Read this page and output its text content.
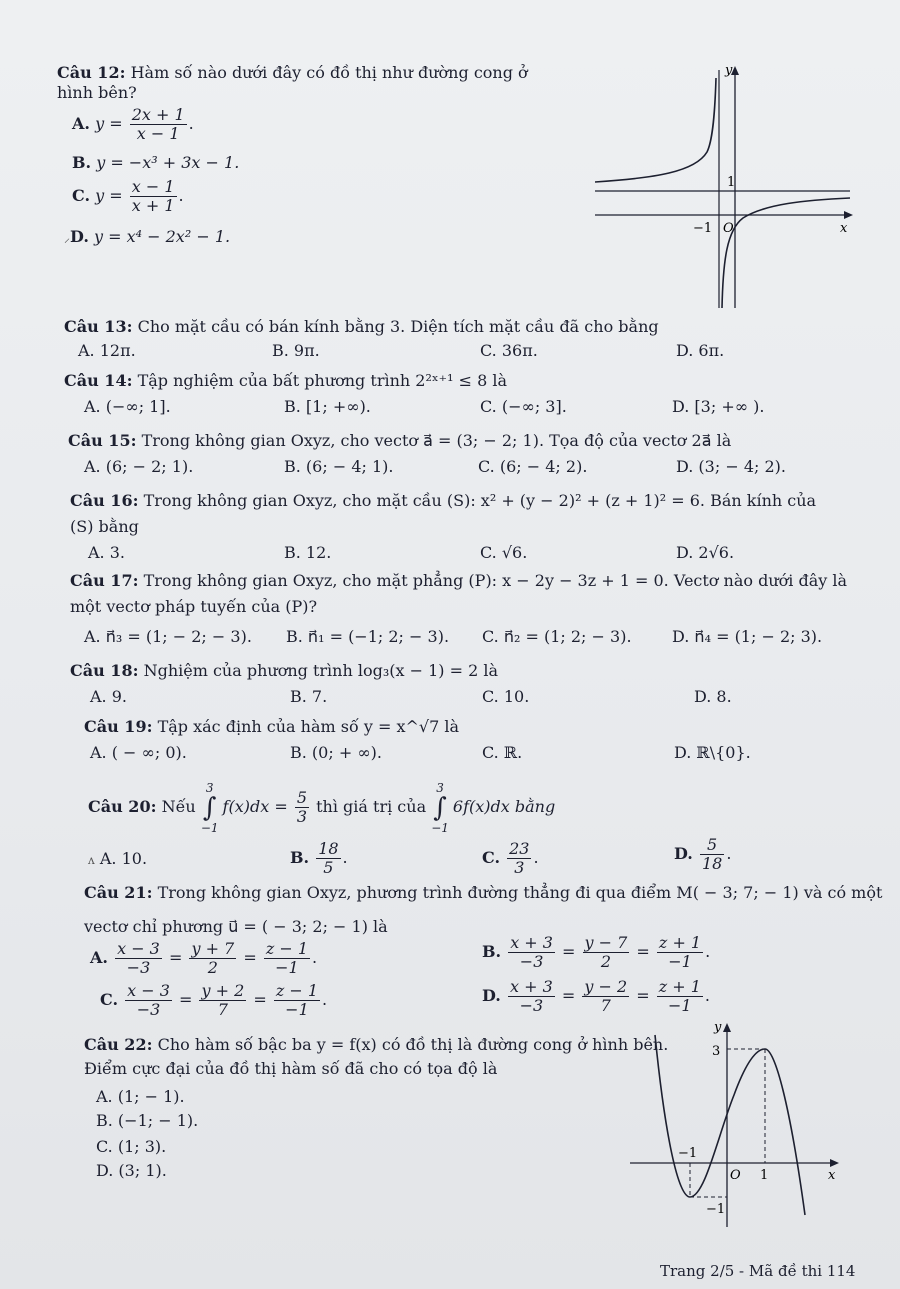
Câu 12: Hàm số nào dưới đây có đồ thị như đường cong ở
hình bên?
A. $y = \frac{2x + 1}{x - 1}$ .
B. y = −x³ + 3x − 1.
C. $y = \frac{x - 1}{x + 1}$ .
⸝D. y = x⁴ − 2x² − 1.
y
x
1
−1 O
Câu 13: Cho mặt cầu có bán kính bằng 3. Diện tích mặt cầu đã cho bằng
A. 12π.	B. 9π.	C. 36π.	D. 6π.
Câu 14: Tập nghiệm của bất phương trình 2²ˣ⁺¹ ≤ 8 là
A. (−∞; 1].	B. [1; +∞).	C. (−∞; 3].	D. [3; +∞ ).
Câu 15: Trong không gian Oxyz, cho vectơ a⃗ = (3; − 2; 1). Tọa độ của vectơ 2a⃗ là
A. (6; − 2; 1).	B. (6; − 4; 1).	C. (6; − 4; 2).	D. (3; − 4; 2).
Câu 16: Trong không gian Oxyz, cho mặt cầu (S): x² + (y − 2)² + (z + 1)² = 6. Bán kính của
(S) bằng
A. 3.	B. 12.	C. √6.	D. 2√6.
Câu 17: Trong không gian Oxyz, cho mặt phẳng (P): x − 2y − 3z + 1 = 0. Vectơ nào dưới đây là
một vectơ pháp tuyến của (P)?
A. n⃗₃ = (1; − 2; − 3). B. n⃗₁ = (−1; 2; − 3). C. n⃗₂ = (1; 2; − 3).	D. n⃗₄ = (1; − 2; 3).
Câu 18: Nghiệm của phương trình log₃(x − 1) = 2 là
A. 9.	B. 7.	C. 10.	D. 8.
Câu 19: Tập xác định của hàm số y = x^√7 là
A. ( − ∞; 0).	B. (0; + ∞).	C. ℝ.	D. ℝ\{0}.
Câu 20: Nếu 3
∫
$-1f(x)dx = \frac{5}{3}$ thì giá trị của 3
∫
−16f(x)dx bằng
ʌ A. 10.	B. $\frac{18}{5}$ .	C. $\frac{23}{3}$ .	D. $\frac{5}{18}$ .
Câu 21: Trong không gian Oxyz, phương trình đường thẳng đi qua điểm M( − 3; 7; − 1) và có một
vectơ chỉ phương u⃗ = ( − 3; 2; − 1) là
A. $\frac{x - 3}{-3} = \frac{y + 7}{2} = \frac{z - 1}{-1}$ .	B. $\frac{x + 3}{-3} = \frac{y - 7}{2} = \frac{z + 1}{-1}$ .
C. $\frac{x - 3}{-3} = \frac{y + 2}{7} = \frac{z - 1}{-1}$ .	D. $\frac{x + 3}{-3} = \frac{y - 2}{7} = \frac{z + 1}{-1}$ .
Câu 22: Cho hàm số bậc ba y = f(x) có đồ thị là đường cong ở hình bên.
Điểm cực đại của đồ thị hàm số đã cho có tọa độ là
A. (1; − 1).
B. (−1; − 1).
C. (1; 3).
D. (3; 1).
y
x
3
−1
O 1
−1
Trang 2/5 - Mã đề thi 114
